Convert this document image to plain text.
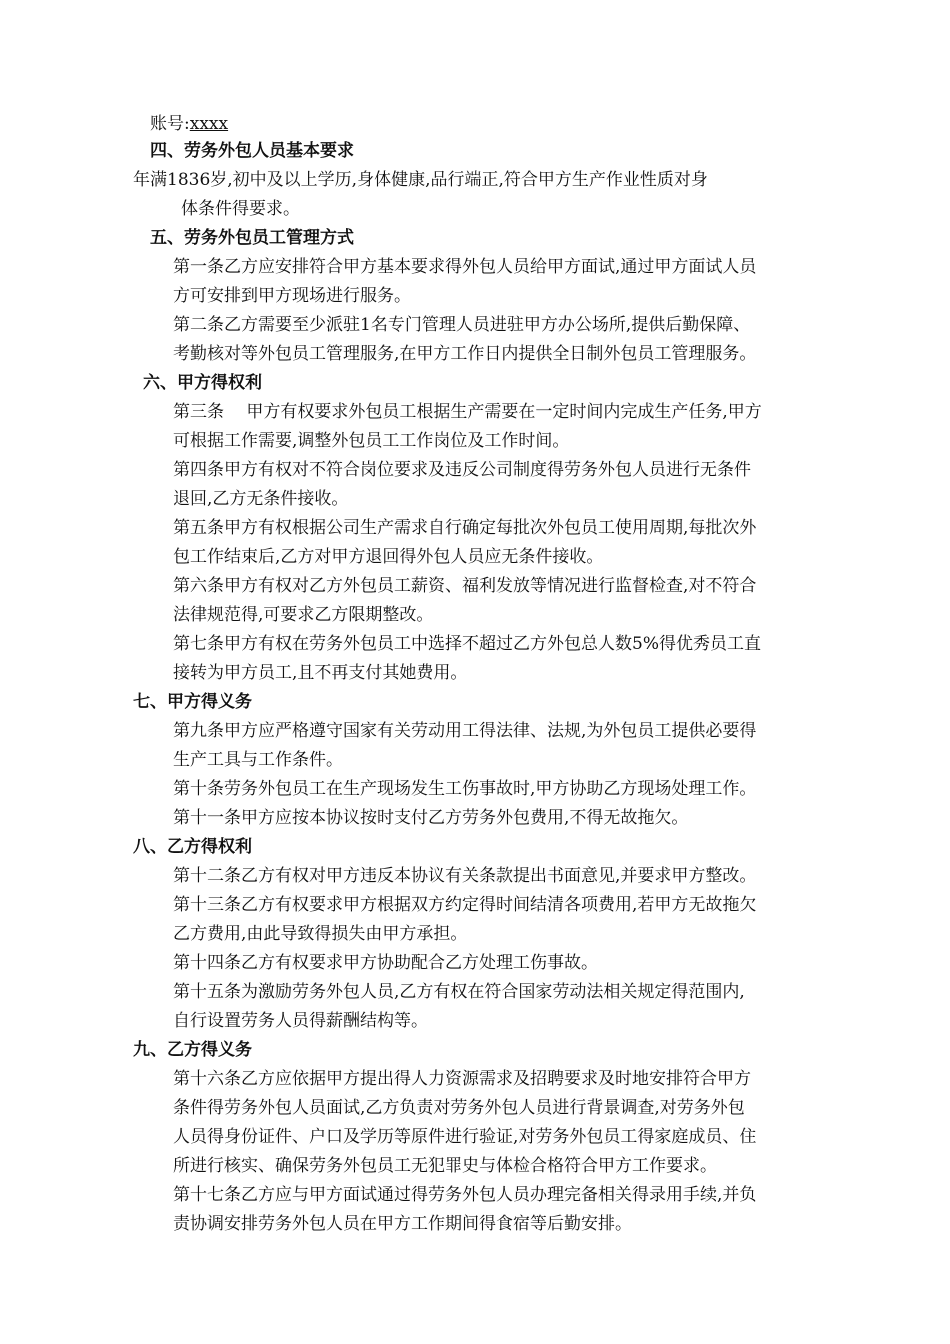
账号:xxxx
四、劳务外包人员基本要求
年满1836岁,初中及以上学历,身体健康,品行端正,符合甲方生产作业性质对身
体条件得要求。
五、劳务外包员工管理方式
第一条乙方应安排符合甲方基本要求得外包人员给甲方面试,通过甲方面试人员
方可安排到甲方现场进行服务。
第二条乙方需要至少派驻1名专门管理人员进驻甲方办公场所,提供后勤保障、
考勤核对等外包员工管理服务,在甲方工作日内提供全日制外包员工管理服务。
六、甲方得权利
第三条　 甲方有权要求外包员工根据生产需要在一定时间内完成生产任务,甲方
可根据工作需要,调整外包员工工作岗位及工作时间。
第四条甲方有权对不符合岗位要求及违反公司制度得劳务外包人员进行无条件
退回,乙方无条件接收。
第五条甲方有权根据公司生产需求自行确定每批次外包员工使用周期,每批次外
包工作结束后,乙方对甲方退回得外包人员应无条件接收。
第六条甲方有权对乙方外包员工薪资、福利发放等情况进行监督检查,对不符合
法律规范得,可要求乙方限期整改。
第七条甲方有权在劳务外包员工中选择不超过乙方外包总人数5%得优秀员工直
接转为甲方员工,且不再支付其她费用。
七、甲方得义务
第九条甲方应严格遵守国家有关劳动用工得法律、法规,为外包员工提供必要得
生产工具与工作条件。
第十条劳务外包员工在生产现场发生工伤事故时,甲方协助乙方现场处理工作。
第十一条甲方应按本协议按时支付乙方劳务外包费用,不得无故拖欠。
八、乙方得权利
第十二条乙方有权对甲方违反本协议有关条款提出书面意见,并要求甲方整改。
第十三条乙方有权要求甲方根据双方约定得时间结清各项费用,若甲方无故拖欠
乙方费用,由此导致得损失由甲方承担。
第十四条乙方有权要求甲方协助配合乙方处理工伤事故。
第十五条为激励劳务外包人员,乙方有权在符合国家劳动法相关规定得范围内,
自行设置劳务人员得薪酬结构等。
九、乙方得义务
第十六条乙方应依据甲方提出得人力资源需求及招聘要求及时地安排符合甲方
条件得劳务外包人员面试,乙方负责对劳务外包人员进行背景调查,对劳务外包
人员得身份证件、户口及学历等原件进行验证,对劳务外包员工得家庭成员、住
所进行核实、确保劳务外包员工无犯罪史与体检合格符合甲方工作要求。
第十七条乙方应与甲方面试通过得劳务外包人员办理完备相关得录用手续,并负
责协调安排劳务外包人员在甲方工作期间得食宿等后勤安排。
